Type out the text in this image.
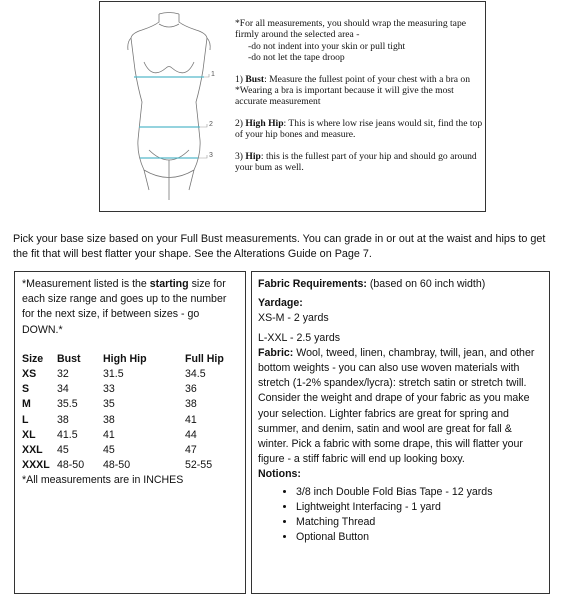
1
2
3

*For all measurements, you should wrap the measuring tape firmly around the selected area -
-do not indent into your skin or pull tight
-do not let the tape droop

1) Bust: Measure the fullest point of your chest with a bra on
*Wearing a bra is important because it will give the most accurate measurement

2) High Hip: This is where low rise jeans would sit, find the top of your hip bones and measure.

3) Hip: this is the fullest part of your hip and should go around your bum as well.

Pick your base size based on your Full Bust measurements. You can grade in or out at the waist and hips to get the fit that will best flatter your shape. See the Alterations Guide on Page 7.

*Measurement listed is the starting size for each size range and goes up to the number for the next size, if between sizes - go DOWN.*

Size	Bust	High Hip	Full Hip
XS	32	31.5	34.5
S	34	33	36
M	35.5	35	38
L	38	38	41
XL	41.5	41	44
XXL	45	45	47
XXXL	48-50	48-50	52-55

*All measurements are in INCHES

Fabric Requirements: (based on 60 inch width)

Yardage:

XS-M - 2 yards

L-XXL - 2.5 yards

Fabric: Wool, tweed, linen, chambray, twill, jean, and other bottom weights - you can also use woven materials with stretch (1-2% spandex/lycra): stretch satin or stretch twill. Consider the weight and drape of your fabric as you make your selection. Lighter fabrics are great for spring and summer, and denim, satin and wool are great for fall & winter. Pick a fabric with some drape, this will flatter your figure - a stiff fabric will end up looking boxy.

Notions:

• 3/8 inch Double Fold Bias Tape - 12 yards
• Lightweight Interfacing - 1 yard
• Matching Thread
• Optional Button
